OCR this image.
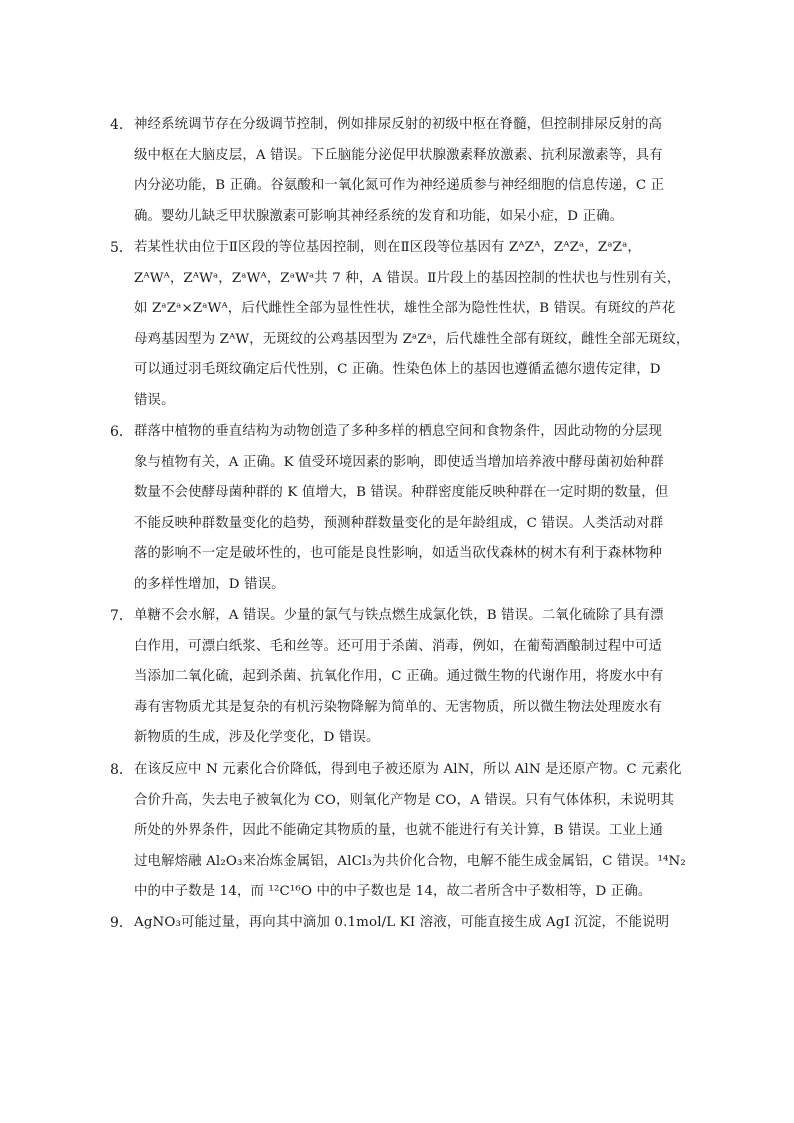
4． 神经系统调节存在分级调节控制，例如排尿反射的初级中枢在脊髓，但控制排尿反射的高
级中枢在大脑皮层，A 错误。下丘脑能分泌促甲状腺激素释放激素、抗利尿激素等，具有
内分泌功能，B 正确。谷氨酸和一氧化氮可作为神经递质参与神经细胞的信息传递，C 正
确。婴幼儿缺乏甲状腺激素可影响其神经系统的发育和功能，如呆小症，D 正确。
5． 若某性状由位于Ⅱ区段的等位基因控制，则在Ⅱ区段等位基因有 ZᴬZᴬ，ZᴬZᵃ，ZᵃZᵃ，
ZᴬWᴬ，ZᴬWᵃ，ZᵃWᴬ，ZᵃWᵃ共 7 种，A 错误。Ⅱ片段上的基因控制的性状也与性别有关，
如 ZᵃZᵃ×ZᵃWᴬ，后代雌性全部为显性性状，雄性全部为隐性性状，B 错误。有斑纹的芦花
母鸡基因型为 ZᴬW，无斑纹的公鸡基因型为 ZᵃZᵃ，后代雄性全部有斑纹，雌性全部无斑纹，
可以通过羽毛斑纹确定后代性别，C 正确。性染色体上的基因也遵循孟德尔遗传定律，D
错误。
6． 群落中植物的垂直结构为动物创造了多种多样的栖息空间和食物条件，因此动物的分层现
象与植物有关，A 正确。K 值受环境因素的影响，即使适当增加培养液中酵母菌初始种群
数量不会使酵母菌种群的 K 值增大，B 错误。种群密度能反映种群在一定时期的数量，但
不能反映种群数量变化的趋势，预测种群数量变化的是年龄组成，C 错误。人类活动对群
落的影响不一定是破坏性的，也可能是良性影响，如适当砍伐森林的树木有利于森林物种
的多样性增加，D 错误。
7． 单糖不会水解，A 错误。少量的氯气与铁点燃生成氯化铁，B 错误。二氧化硫除了具有漂
白作用，可漂白纸浆、毛和丝等。还可用于杀菌、消毒，例如，在葡萄酒酿制过程中可适
当添加二氧化硫，起到杀菌、抗氧化作用，C 正确。通过微生物的代谢作用，将废水中有
毒有害物质尤其是复杂的有机污染物降解为简单的、无害物质，所以微生物法处理废水有
新物质的生成，涉及化学变化，D 错误。
8． 在该反应中 N 元素化合价降低，得到电子被还原为 AlN，所以 AlN 是还原产物。C 元素化
合价升高，失去电子被氧化为 CO，则氧化产物是 CO，A 错误。只有气体体积，未说明其
所处的外界条件，因此不能确定其物质的量，也就不能进行有关计算，B 错误。工业上通
过电解熔融 Al₂O₃来冶炼金属铝，AlCl₃为共价化合物，电解不能生成金属铝，C 错误。¹⁴N₂
中的中子数是 14，而 ¹²C¹⁶O 中的中子数也是 14，故二者所含中子数相等，D 正确。
9． AgNO₃可能过量，再向其中滴加 0.1mol/L KI 溶液，可能直接生成 AgI 沉淀，不能说明
